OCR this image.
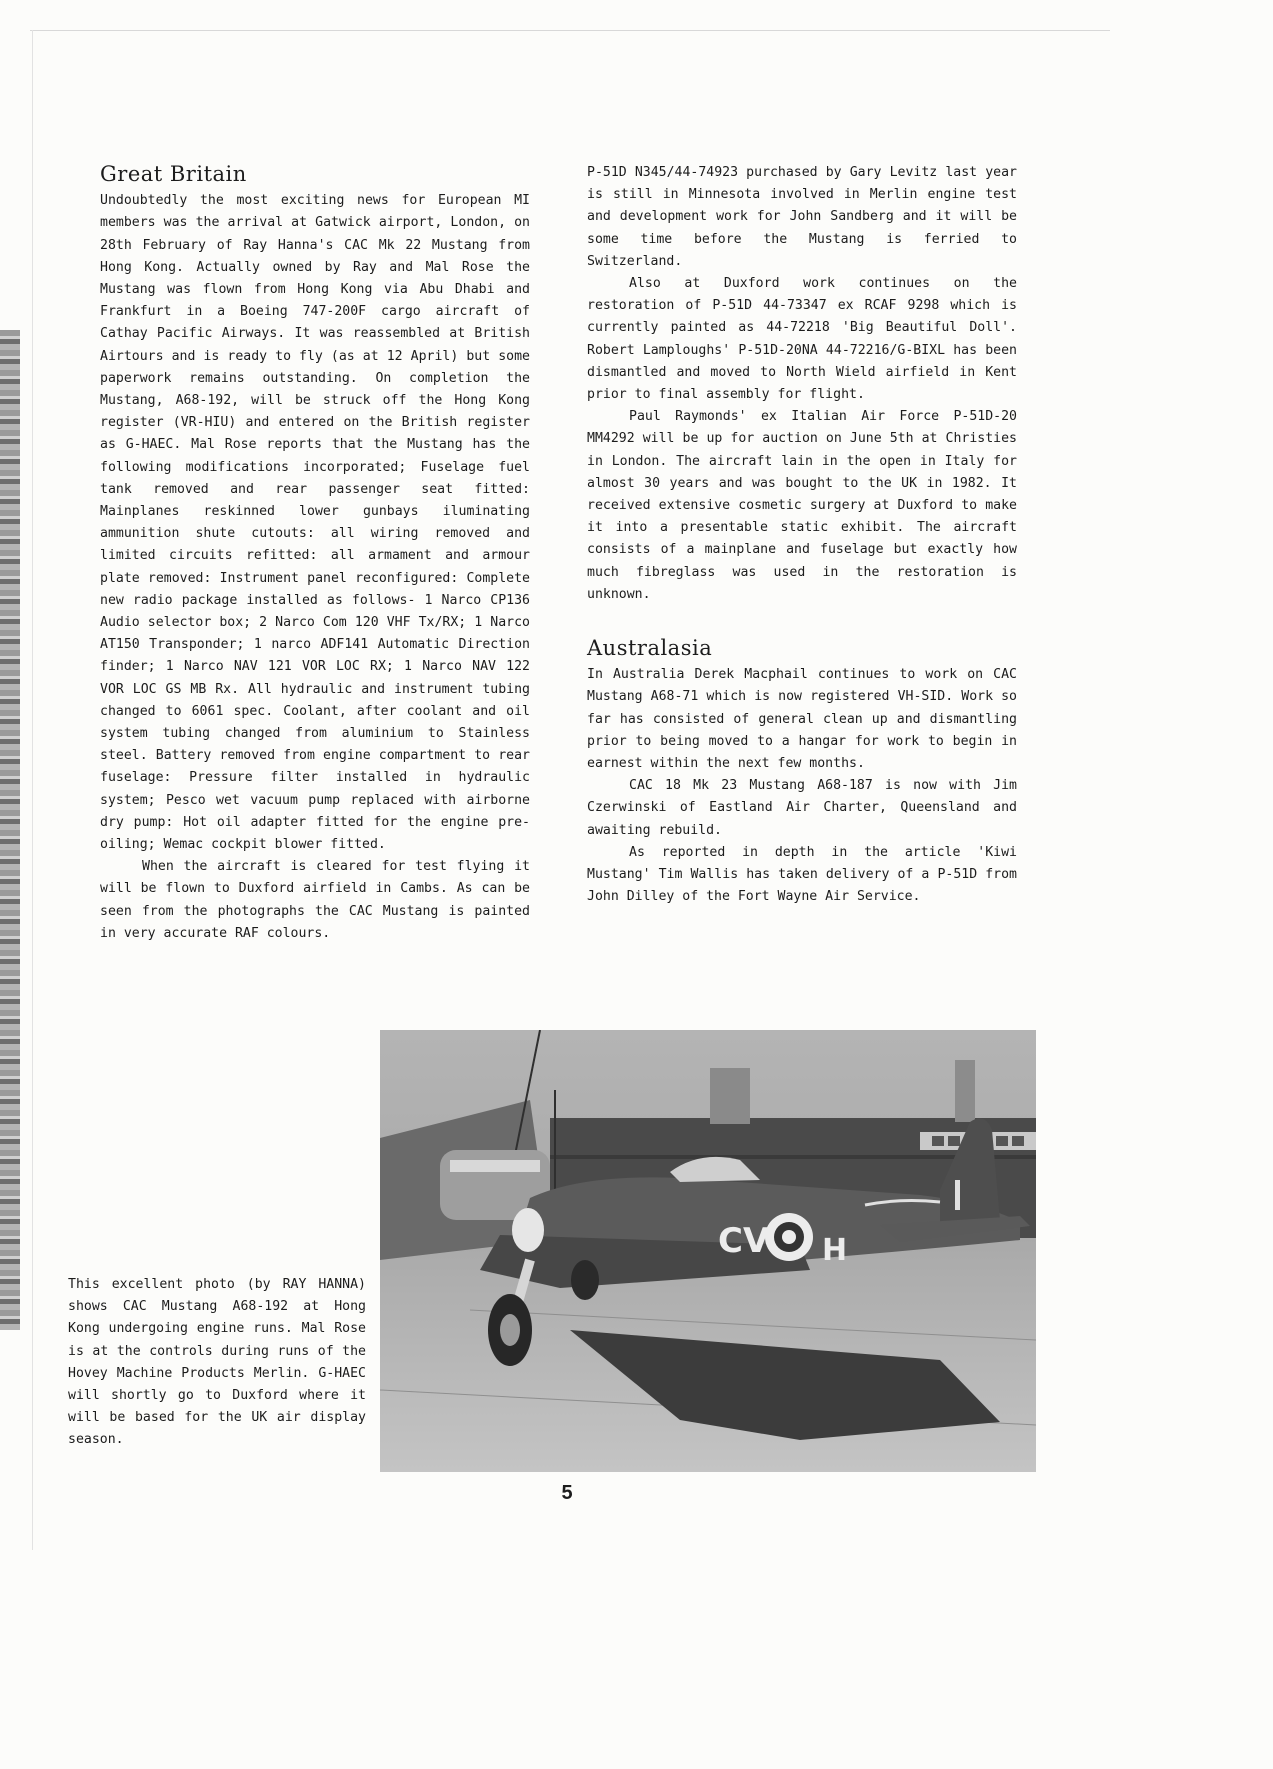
Great Britain

Undoubtedly the most exciting news for European MI members was the arrival at Gatwick airport, London, on 28th February of Ray Hanna's CAC Mk 22 Mustang from Hong Kong. Actually owned by Ray and Mal Rose the Mustang was flown from Hong Kong via Abu Dhabi and Frankfurt in a Boeing 747-200F cargo aircraft of Cathay Pacific Airways. It was reassembled at British Airtours and is ready to fly (as at 12 April) but some paperwork remains outstanding. On completion the Mustang, A68-192, will be struck off the Hong Kong register (VR-HIU) and entered on the British register as G-HAEC. Mal Rose reports that the Mustang has the following modifications incorporated; Fuselage fuel tank removed and rear passenger seat fitted: Mainplanes reskinned lower gunbays iluminating ammunition shute cutouts: all wiring removed and limited circuits refitted: all armament and armour plate removed: Instrument panel reconfigured: Complete new radio package installed as follows- 1 Narco CP136 Audio selector box; 2 Narco Com 120 VHF Tx/RX; 1 Narco AT150 Transponder; 1 narco ADF141 Automatic Direction finder; 1 Narco NAV 121 VOR LOC RX; 1 Narco NAV 122 VOR LOC GS MB Rx. All hydraulic and instrument tubing changed to 6061 spec. Coolant, after coolant and oil system tubing changed from aluminium to Stainless steel. Battery removed from engine compartment to rear fuselage: Pressure filter installed in hydraulic system; Pesco wet vacuum pump replaced with airborne dry pump: Hot oil adapter fitted for the engine pre-oiling; Wemac cockpit blower fitted.

When the aircraft is cleared for test flying it will be flown to Duxford airfield in Cambs. As can be seen from the photographs the CAC Mustang is painted in very accurate RAF colours.

P-51D N345/44-74923 purchased by Gary Levitz last year is still in Minnesota involved in Merlin engine test and development work for John Sandberg and it will be some time before the Mustang is ferried to Switzerland.

Also at Duxford work continues on the restoration of P-51D 44-73347 ex RCAF 9298 which is currently painted as 44-72218 'Big Beautiful Doll'. Robert Lamploughs' P-51D-20NA 44-72216/G-BIXL has been dismantled and moved to North Wield airfield in Kent prior to final assembly for flight.

Paul Raymonds' ex Italian Air Force P-51D-20 MM4292 will be up for auction on June 5th at Christies in London. The aircraft lain in the open in Italy for almost 30 years and was bought to the UK in 1982. It received extensive cosmetic surgery at Duxford to make it into a presentable static exhibit. The aircraft consists of a mainplane and fuselage but exactly how much fibreglass was used in the restoration is unknown.

Australasia

In Australia Derek Macphail continues to work on CAC Mustang A68-71 which is now registered VH-SID. Work so far has consisted of general clean up and dismantling prior to being moved to a hangar for work to begin in earnest within the next few months.

CAC 18 Mk 23 Mustang A68-187 is now with Jim Czerwinski of Eastland Air Charter, Queensland and awaiting rebuild.

As reported in depth in the article 'Kiwi Mustang' Tim Wallis has taken delivery of a P-51D from John Dilley of the Fort Wayne Air Service.

CV H
This excellent photo (by RAY HANNA) shows CAC Mustang A68-192 at Hong Kong undergoing engine runs. Mal Rose is at the controls during runs of the Hovey Machine Products Merlin. G-HAEC will shortly go to Duxford where it will be based for the UK air display season.
5
